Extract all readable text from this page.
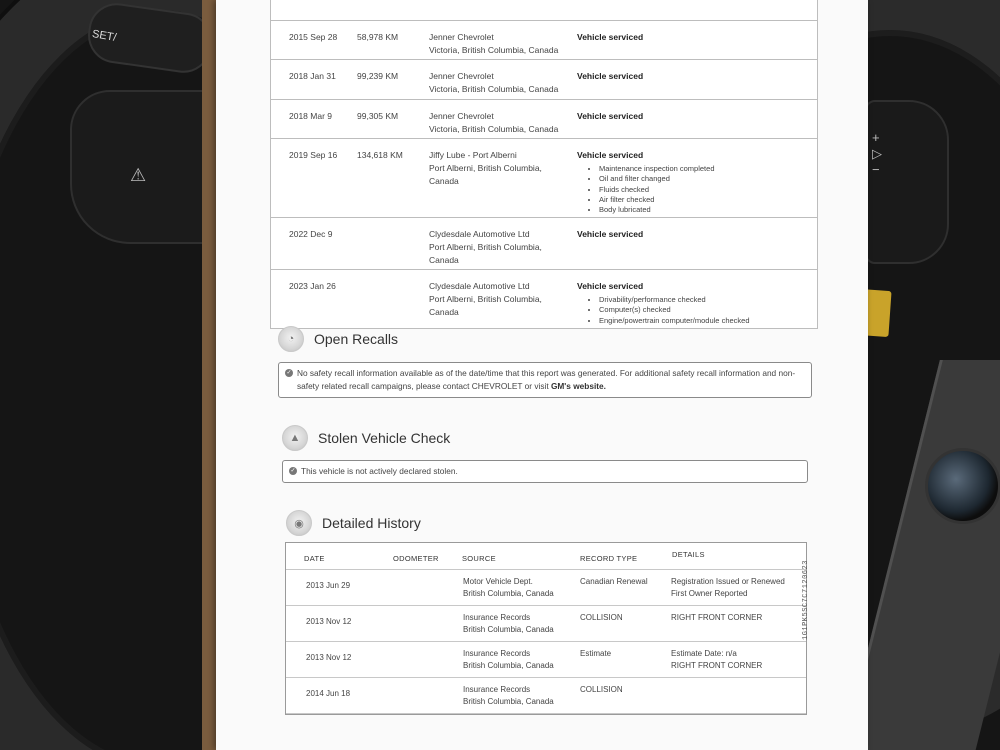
SET/
⚠
+
▷
−
2015 Sep 28	58,978 KM	Jenner Chevrolet
Victoria, British Columbia, Canada
Vehicle serviced
2018 Jan 31	99,239 KM	Jenner Chevrolet
Victoria, British Columbia, Canada
Vehicle serviced
2018 Mar 9	99,305 KM	Jenner Chevrolet
Victoria, British Columbia, Canada
Vehicle serviced
2019 Sep 16	134,618 KM	Jiffy Lube - Port Alberni
Port Alberni, British Columbia,
Canada
Vehicle serviced
• Maintenance inspection completed
• Oil and filter changed
• Fluids checked
• Air filter checked
• Body lubricated
2022 Dec 9	Clydesdale Automotive Ltd
Port Alberni, British Columbia,
Canada
Vehicle serviced
2023 Jan 26	Clydesdale Automotive Ltd
Port Alberni, British Columbia,
Canada
Vehicle serviced
• Drivability/performance checked
• Computer(s) checked
• Engine/powertrain computer/module checked
◔	Open Recalls
✓ No safety recall information available as of the date/time that this report was generated. For additional safety recall information and non-safety related recall campaigns, please contact CHEVROLET or visit GM's website.
▲	Stolen Vehicle Check
✓ This vehicle is not actively declared stolen.
◉	Detailed History
DATE	ODOMETER	SOURCE	RECORD TYPE	DETAILS
2013 Jun 29	Motor Vehicle Dept.
British Columbia, Canada
Canadian Renewal	Registration Issued or Renewed
First Owner Reported
2013 Nov 12	Insurance Records
British Columbia, Canada
COLLISION	RIGHT FRONT CORNER
2013 Nov 12	Insurance Records
British Columbia, Canada
Estimate	Estimate Date: n/a
RIGHT FRONT CORNER
2014 Jun 18	Insurance Records
British Columbia, Canada
COLLISION
1G1PK5SC7C7120623
